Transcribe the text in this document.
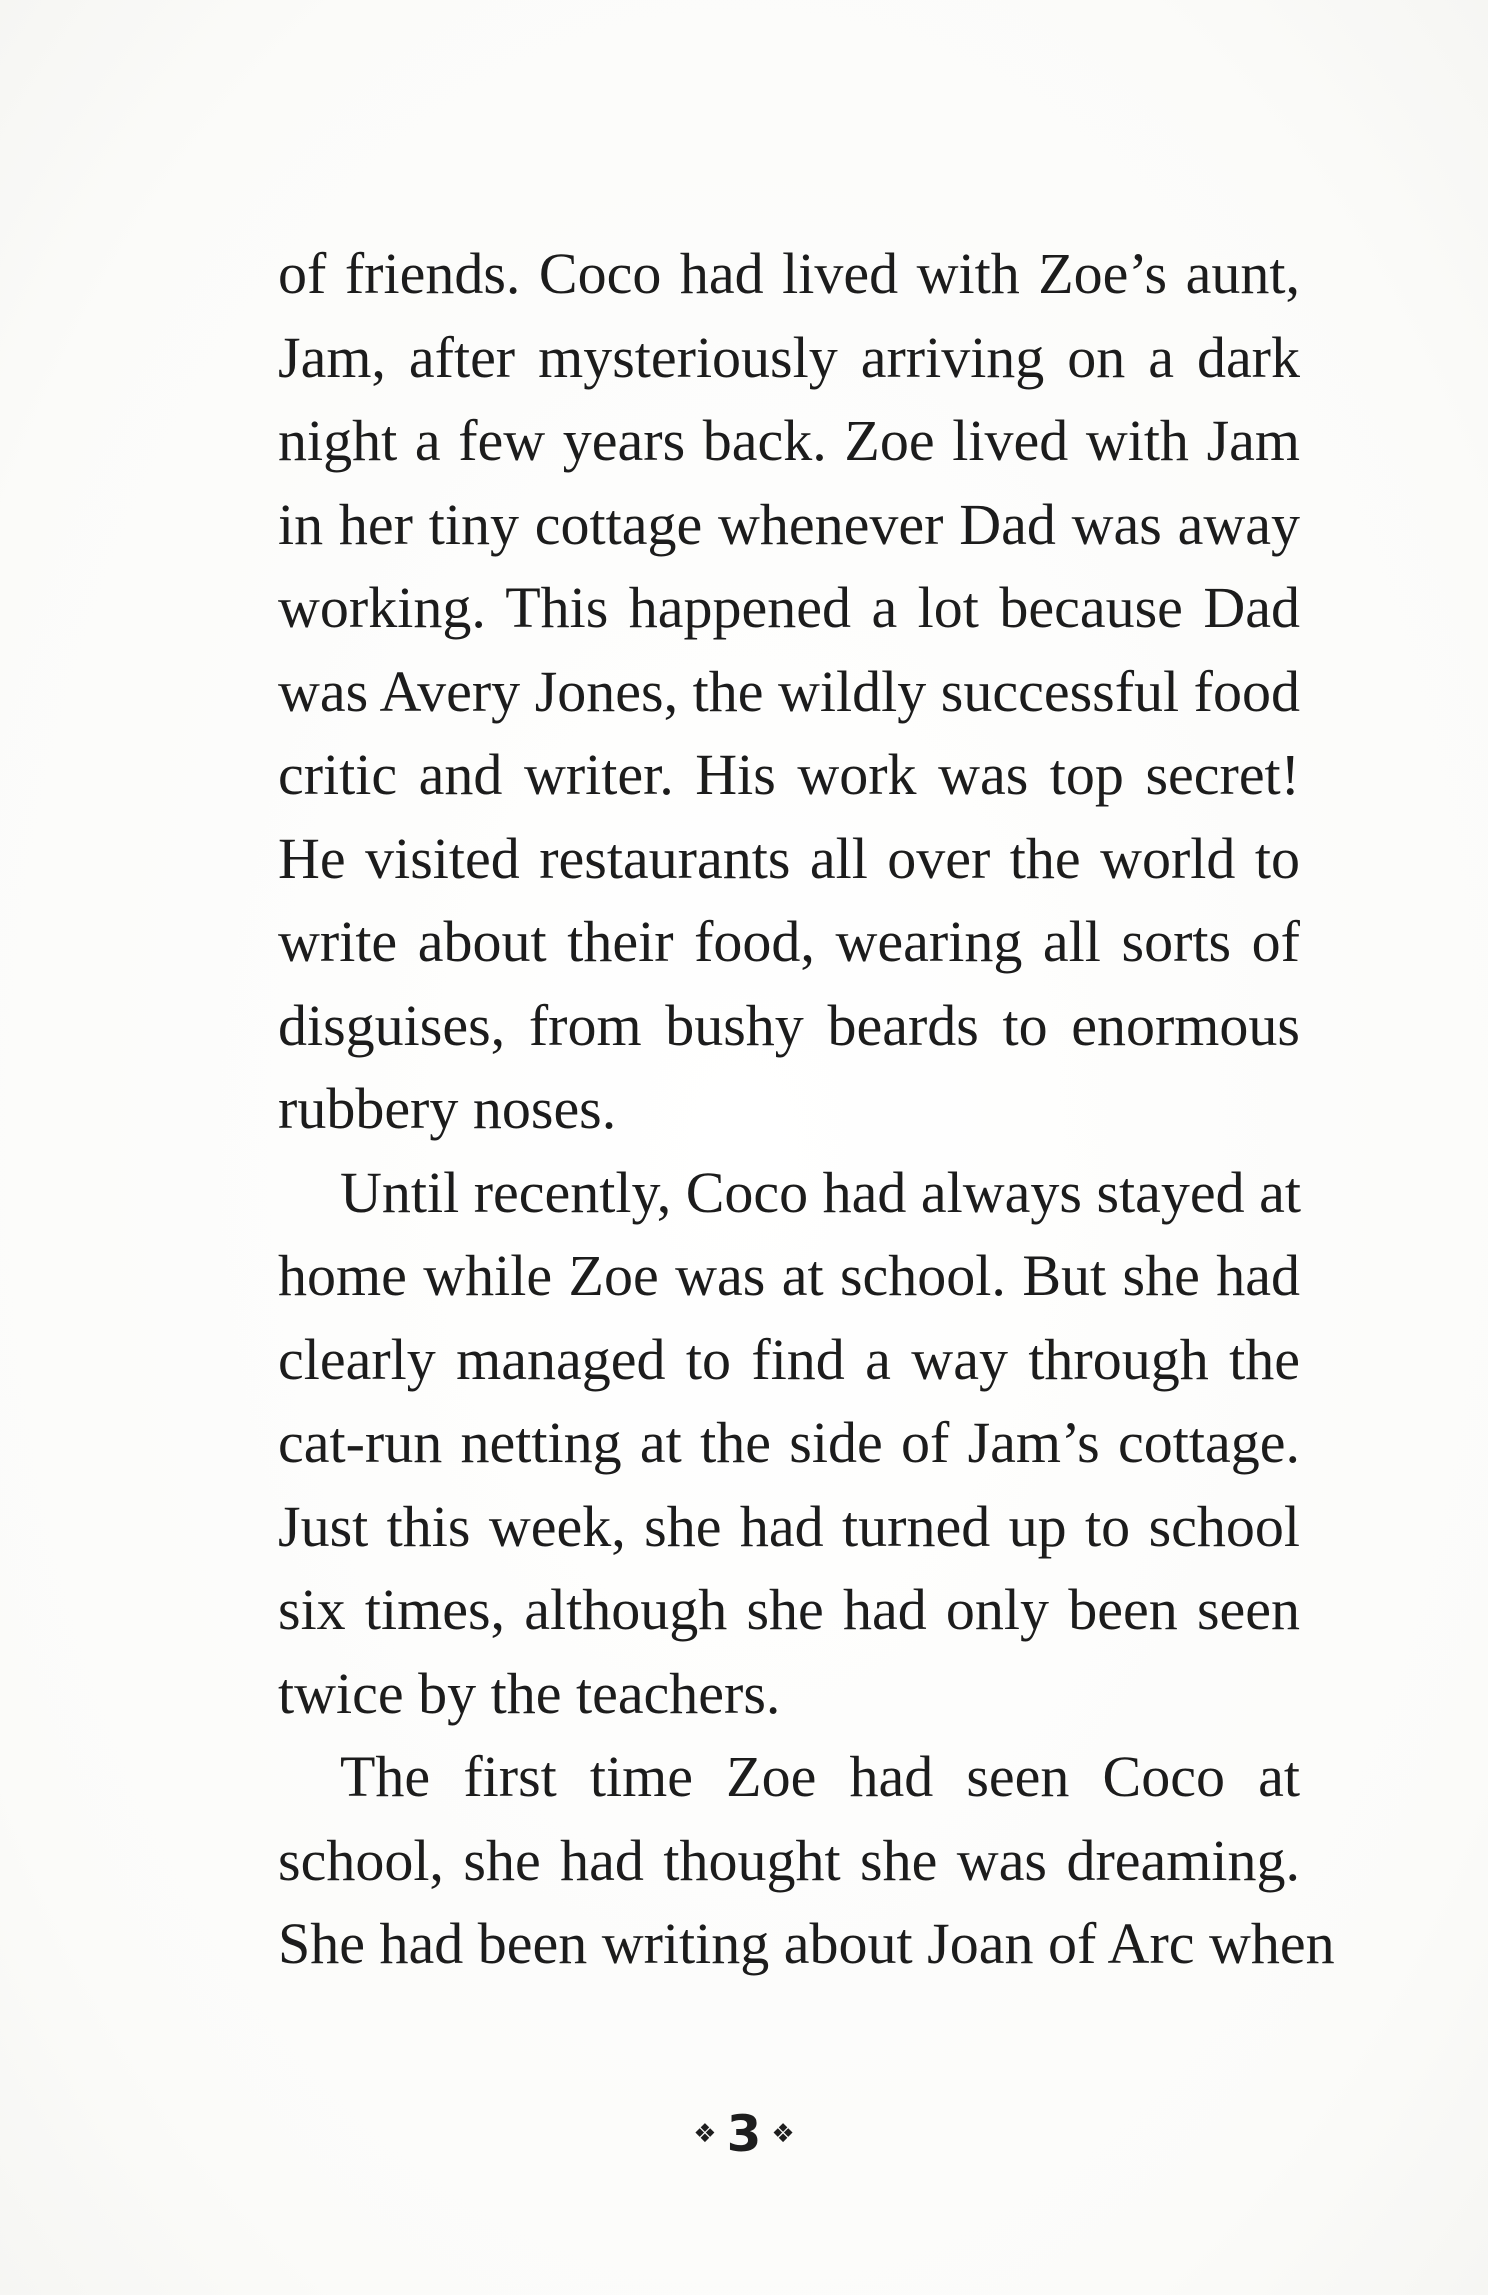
of friends. Coco had lived with Zoe’s aunt,
Jam, after mysteriously arriving on a dark
night a few years back. Zoe lived with Jam
in her tiny cottage whenever Dad was away
working. This happened a lot because Dad
was Avery Jones, the wildly successful food
critic and writer. His work was top secret!
He visited restaurants all over the world to
write about their food, wearing all sorts of
disguises, from bushy beards to enormous
rubbery noses.
Until recently, Coco had always stayed at
home while Zoe was at school. But she had
clearly managed to find a way through the
cat-run netting at the side of Jam’s cottage.
Just this week, she had turned up to school
six times, although she had only been seen
twice by the teachers.
The first time Zoe had seen Coco at
school, she had thought she was dreaming.
She had been writing about Joan of Arc when
❖ 3 ❖
